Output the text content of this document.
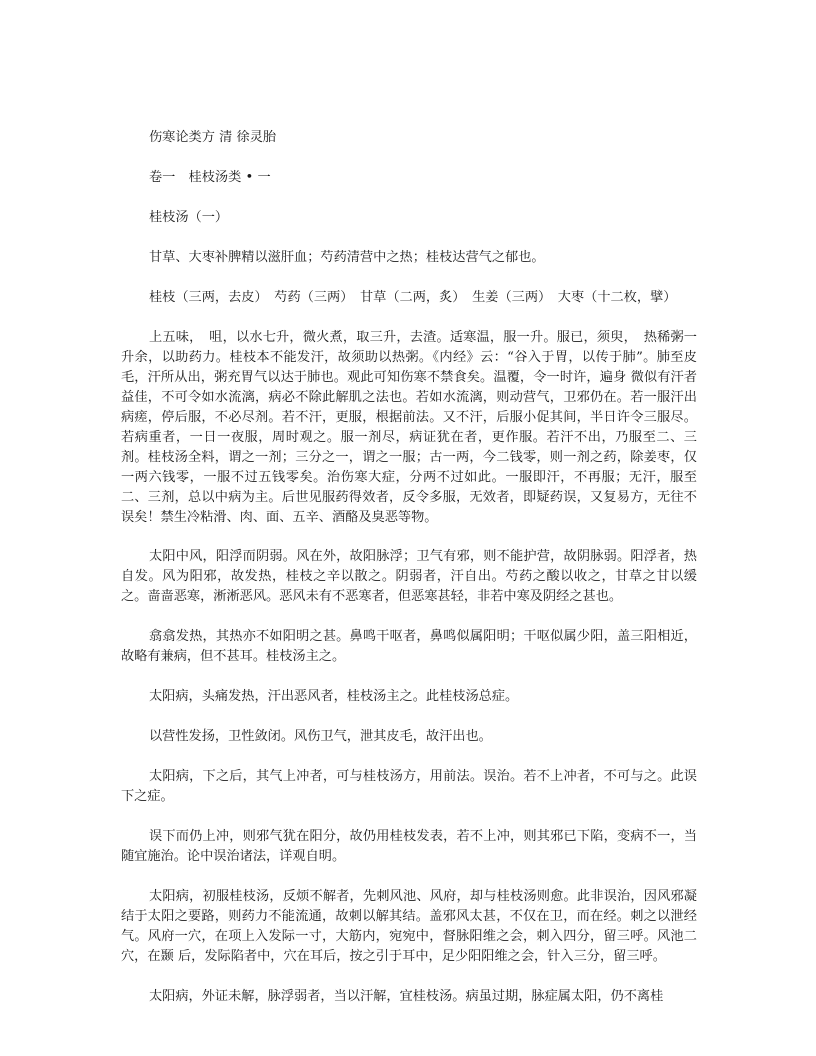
伤寒论类方 清 徐灵胎

卷一　桂枝汤类 • 一

桂枝汤（一）

甘草、大枣补脾精以滋肝血；芍药清营中之热；桂枝达营气之郁也。

桂枝（三两，去皮）　芍药（三两）　甘草（二两，炙）　生姜（三两）　大枣（十二枚，擘）

上五味，　咀，以水七升，微火煮，取三升，去渣。适寒温，服一升。服已，须臾，　热稀粥一升余，以助药力。桂枝本不能发汗，故须助以热粥。《内经》云：“谷入于胃，以传于肺”。肺至皮毛，汗所从出，粥充胃气以达于肺也。观此可知伤寒不禁食矣。温覆，令一时许，遍身 微似有汗者益佳，不可令如水流漓，病必不除此解肌之法也。若如水流漓，则动营气，卫邪仍在。若一服汗出病瘥，停后服，不必尽剂。若不汗，更服，根据前法。又不汗，后服小促其间，半日许令三服尽。若病重者，一日一夜服，周时观之。服一剂尽，病证犹在者，更作服。若汗不出，乃服至二、三剂。桂枝汤全料，谓之一剂；三分之一，谓之一服；古一两，今二钱零，则一剂之药，除姜枣，仅一两六钱零，一服不过五钱零矣。治伤寒大症，分两不过如此。一服即汗，不再服；无汗，服至二、三剂，总以中病为主。后世见服药得效者，反令多服，无效者，即疑药误，又复易方，无往不误矣！禁生冷粘滑、肉、面、五辛、酒酪及臭恶等物。

太阳中风，阳浮而阴弱。风在外，故阳脉浮；卫气有邪，则不能护营，故阴脉弱。阳浮者，热自发。风为阳邪，故发热，桂枝之辛以散之。阴弱者，汗自出。芍药之酸以收之，甘草之甘以缓之。啬啬恶寒，淅淅恶风。恶风未有不恶寒者，但恶寒甚轻，非若中寒及阴经之甚也。

翕翕发热，其热亦不如阳明之甚。鼻鸣干呕者，鼻鸣似属阳明；干呕似属少阳，盖三阳相近，故略有兼病，但不甚耳。桂枝汤主之。

太阳病，头痛发热，汗出恶风者，桂枝汤主之。此桂枝汤总症。

以营性发扬，卫性敛闭。风伤卫气，泄其皮毛，故汗出也。

太阳病，下之后，其气上冲者，可与桂枝汤方，用前法。误治。若不上冲者，不可与之。此误下之症。

误下而仍上冲，则邪气犹在阳分，故仍用桂枝发表，若不上冲，则其邪已下陷，变病不一，当随宜施治。论中误治诸法，详观自明。

太阳病，初服桂枝汤，反烦不解者，先刺风池、风府，却与桂枝汤则愈。此非误治，因风邪凝结于太阳之要路，则药力不能流通，故刺以解其结。盖邪风太甚，不仅在卫，而在经。刺之以泄经气。风府一穴，在项上入发际一寸，大筋内，宛宛中，督脉阳维之会，刺入四分，留三呼。风池二穴，在颞 后，发际陷者中，穴在耳后，按之引于耳中，足少阳阳维之会，针入三分，留三呼。

太阳病，外证未解，脉浮弱者，当以汗解，宜桂枝汤。病虽过期，脉症属太阳，仍不离桂
